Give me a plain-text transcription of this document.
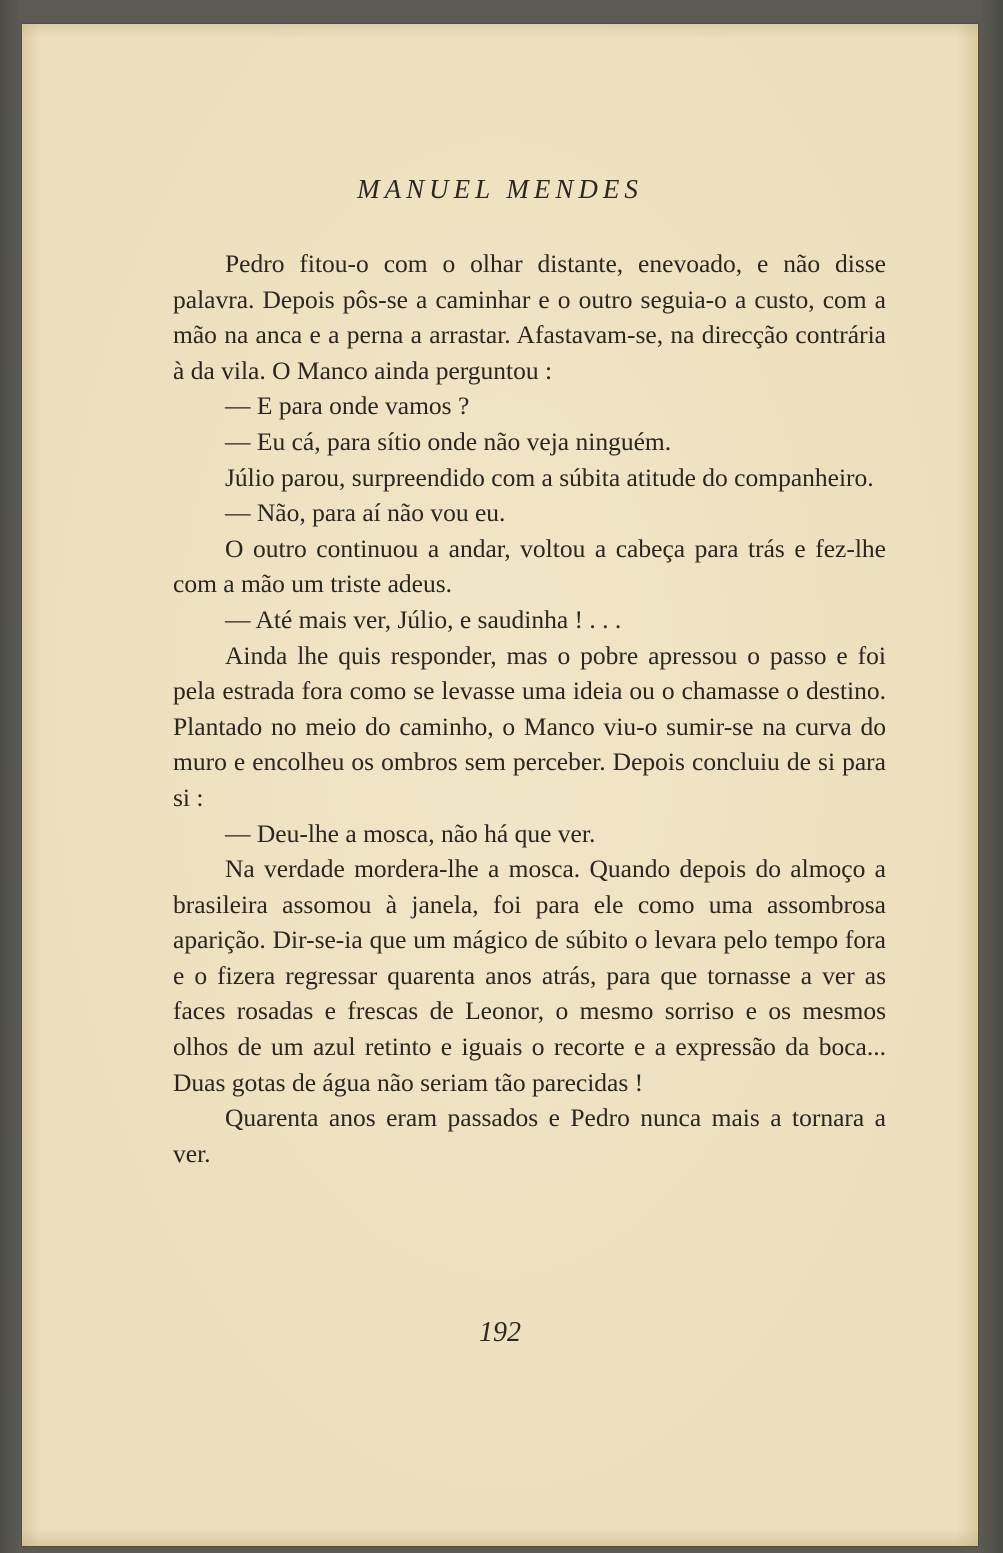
MANUEL MENDES

Pedro fitou-o com o olhar distante, enevoado, e não disse palavra. Depois pôs-se a caminhar e o outro seguia-o a custo, com a mão na anca e a perna a arrastar. Afastavam-se, na direcção contrária à da vila. O Manco ainda perguntou :

— E para onde vamos ?

— Eu cá, para sítio onde não veja ninguém.

Júlio parou, surpreendido com a súbita atitude do companheiro.

— Não, para aí não vou eu.

O outro continuou a andar, voltou a cabeça para trás e fez-lhe com a mão um triste adeus.

— Até mais ver, Júlio, e saudinha ! . . .

Ainda lhe quis responder, mas o pobre apressou o passo e foi pela estrada fora como se levasse uma ideia ou o chamasse o destino. Plantado no meio do caminho, o Manco viu-o sumir-se na curva do muro e encolheu os ombros sem perceber. Depois concluiu de si para si :

— Deu-lhe a mosca, não há que ver.

Na verdade mordera-lhe a mosca. Quando depois do almoço a brasileira assomou à janela, foi para ele como uma assombrosa aparição. Dir-se-ia que um mágico de súbito o levara pelo tempo fora e o fizera regressar quarenta anos atrás, para que tornasse a ver as faces rosadas e frescas de Leonor, o mesmo sorriso e os mesmos olhos de um azul retinto e iguais o recorte e a expressão da boca... Duas gotas de água não seriam tão parecidas !

Quarenta anos eram passados e Pedro nunca mais a tornara a ver.

192
